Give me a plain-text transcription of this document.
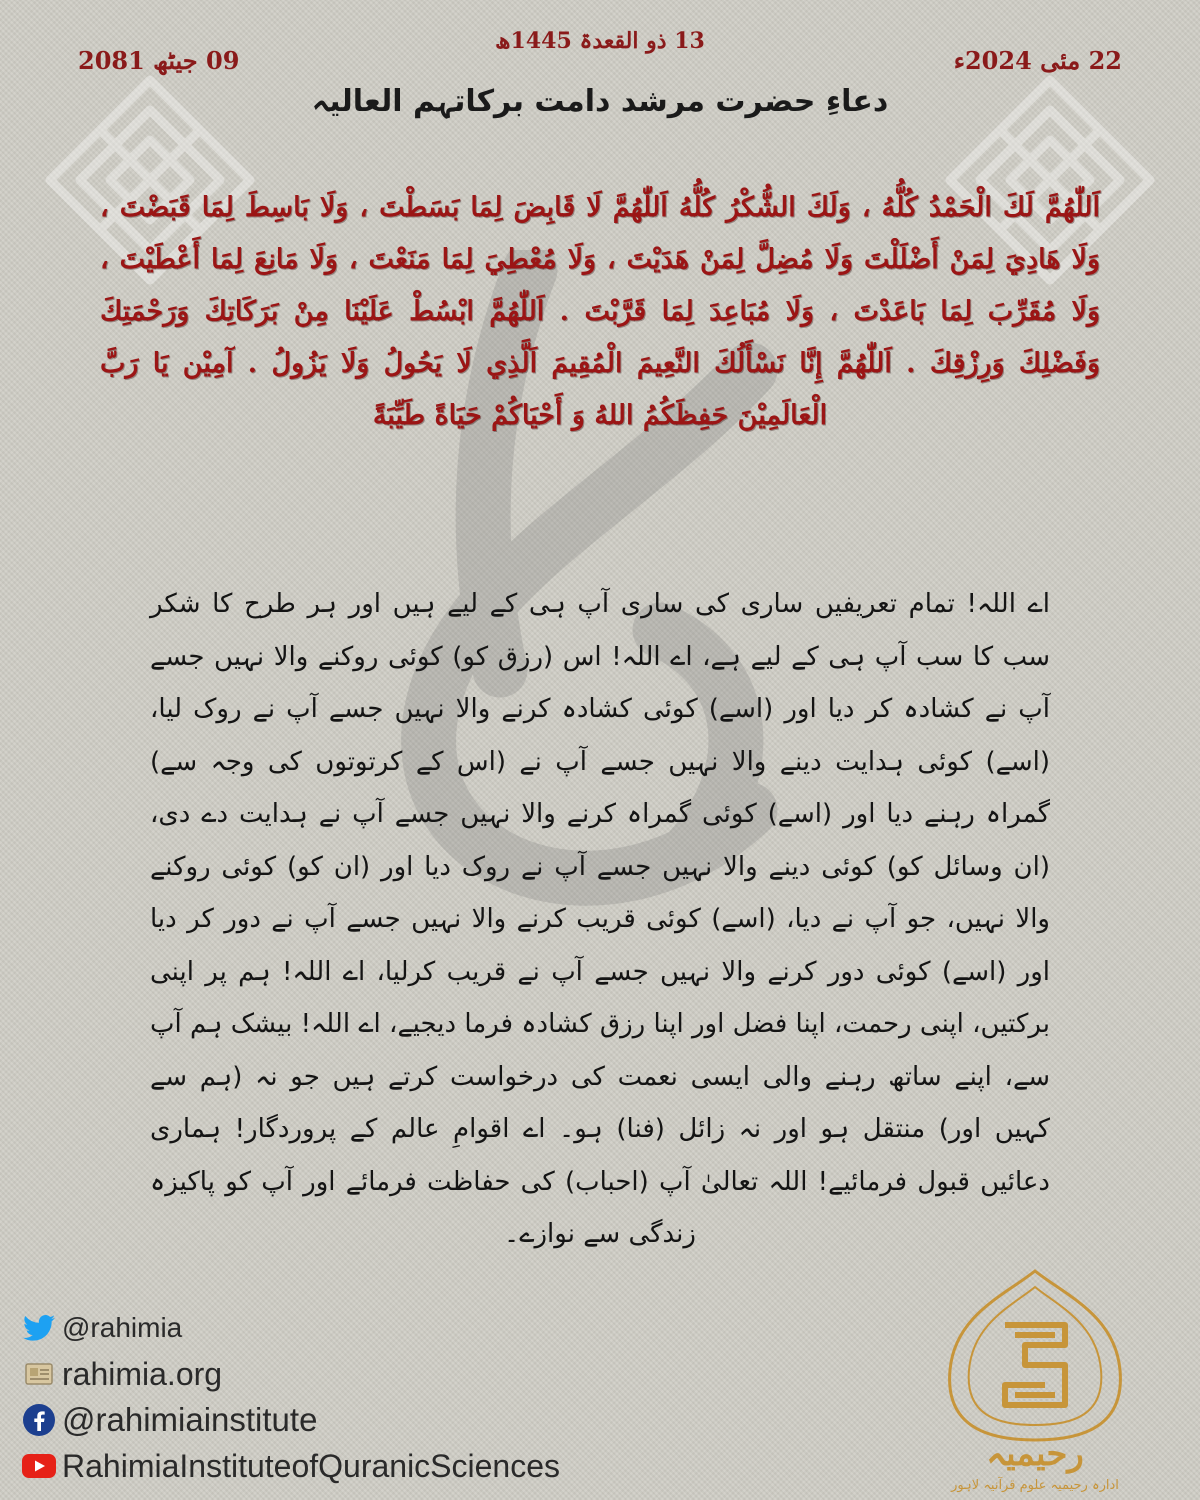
13 ذو القعدۃ 1445ھ
22 مئی 2024ء
09 جیٹھ 2081
دعاءِ حضرت مرشد دامت برکاتہم العالیہ
اَللّٰهُمَّ لَكَ الْحَمْدُ كُلُّهُ ، وَلَكَ الشُّكْرُ كُلُّهُ اَللّٰهُمَّ لَا قَابِضَ لِمَا بَسَطْتَ ، وَلَا بَاسِطَ لِمَا قَبَضْتَ ، وَلَا هَادِيَ لِمَنْ أَضْلَلْتَ وَلَا مُضِلَّ لِمَنْ هَدَيْتَ ، وَلَا مُعْطِيَ لِمَا مَنَعْتَ ، وَلَا مَانِعَ لِمَا أَعْطَيْتَ ، وَلَا مُقَرِّبَ لِمَا بَاعَدْتَ ، وَلَا مُبَاعِدَ لِمَا قَرَّبْتَ . اَللّٰهُمَّ ابْسُطْ عَلَيْنَا مِنْ بَرَكَاتِكَ وَرَحْمَتِكَ وَفَضْلِكَ وَرِزْقِكَ . اَللّٰهُمَّ إِنَّا نَسْأَلُكَ النَّعِيمَ الْمُقِيمَ اَلَّذِي لَا يَحُولُ وَلَا يَزُولُ . آمِيْن يَا رَبَّ الْعَالَمِيْنَ حَفِظَكُمُ اللهُ وَ أَحْيَاكُمْ حَيَاةً طَيِّبَةً
اے اللہ! تمام تعریفیں ساری کی ساری آپ ہی کے لیے ہیں اور ہر طرح کا شکر سب کا سب آپ ہی کے لیے ہے، اے اللہ! اس (رزق کو) کوئی روکنے والا نہیں جسے آپ نے کشادہ کر دیا اور (اسے) کوئی کشادہ کرنے والا نہیں جسے آپ نے روک لیا، (اسے) کوئی ہدایت دینے والا نہیں جسے آپ نے (اس کے کرتوتوں کی وجہ سے) گمراہ رہنے دیا اور (اسے) کوئی گمراہ کرنے والا نہیں جسے آپ نے ہدایت دے دی، (ان وسائل کو) کوئی دینے والا نہیں جسے آپ نے روک دیا اور (ان کو) کوئی روکنے والا نہیں، جو آپ نے دیا، (اسے) کوئی قریب کرنے والا نہیں جسے آپ نے دور کر دیا اور (اسے) کوئی دور کرنے والا نہیں جسے آپ نے قریب کرلیا، اے اللہ! ہم پر اپنی برکتیں، اپنی رحمت، اپنا فضل اور اپنا رزق کشادہ فرما دیجیے، اے اللہ! بیشک ہم آپ سے، اپنے ساتھ رہنے والی ایسی نعمت کی درخواست کرتے ہیں جو نہ (ہم سے کہیں اور) منتقل ہو اور نہ زائل (فنا) ہو۔ اے اقوامِ عالم کے پروردگار! ہماری دعائیں قبول فرمائیے! اللہ تعالیٰ آپ (احباب) کی حفاظت فرمائے اور آپ کو پاکیزہ زندگی سے نوازے۔
@rahimia
rahimia.org
@rahimiainstitute
RahimiaInstituteofQuranicSciences	رحیمیہ
ادارہ رحیمیہ علوم قرآنیہ لاہور
